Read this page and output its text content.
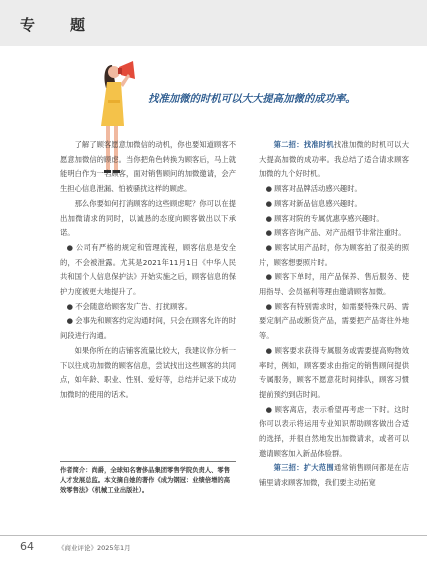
专　题
找准加微的时机可以大大提高加微的成功率。

了解了顾客愿意加微信的动机，你也要知道顾客不愿意加微信的顾虑。当你把角色转换为顾客后，马上就能明白作为一名顾客，面对销售顾问的加微邀请，会产生担心信息泄漏、怕被骚扰这样的顾虑。

那么你要如何打消顾客的这些顾虑呢？你可以在提出加微请求的同时，以诚恳的态度向顾客做出以下承诺。

● 公司有严格的规定和管理流程，顾客信息是安全的，不会被泄露。尤其是2021年11月1日《中华人民共和国个人信息保护法》开始实施之后，顾客信息的保护力度被更大地提升了。

● 不会随意给顾客发广告、打扰顾客。

● 会事先和顾客约定沟通时间，只会在顾客允许的时间段进行沟通。

如果你所在的店铺客流量比较大，我建议你分析一下以往成功加微的顾客信息，尝试找出这些顾客的共同点，如年龄、职业、性别、爱好等，总结并记录下成功加微时的使用的话术。

作者简介：尚爵，全球知名奢侈品集团零售学院负责人、零售人才发展总监。本文摘自她的著作《成为钢冠：业绩倍增的高效零售法》（机械工业出版社）。

第二招：找准时机找准加微的时机可以大大提高加微的成功率。我总结了适合请求顾客加微的九个好时机。

● 顾客对品牌活动感兴趣时。

● 顾客对新品信息感兴趣时。

● 顾客对院的专属优惠享感兴趣时。

● 顾客咨询产品、对产品细节非常注重时。

● 顾客试用产品时，你为顾客拍了很美的照片，顾客想要照片时。

● 顾客下单时，用产品保养、售后服务、使用指导、会员福利等理由邀请顾客加微。

● 顾客有特别需求时，如需要特殊尺码、需要定制产品或断货产品，需要把产品寄往外地等。

● 顾客要求获得专属服务或需要提高购物效率时，例如，顾客要求由指定的销售顾问提供专属服务，顾客不愿意花时间排队，顾客习惯提前预约到店时间。

● 顾客离店，表示希望再考虑一下时。这时你可以表示将运用专业知识帮助顾客做出合适的选择，并很自然地发出加微请求，或者可以邀请顾客加入新品体验群。

第三招：扩大范围通常销售顾问都是在店铺里请求顾客加微，我们要主动拓宽

64	《商业评论》2025年1月
